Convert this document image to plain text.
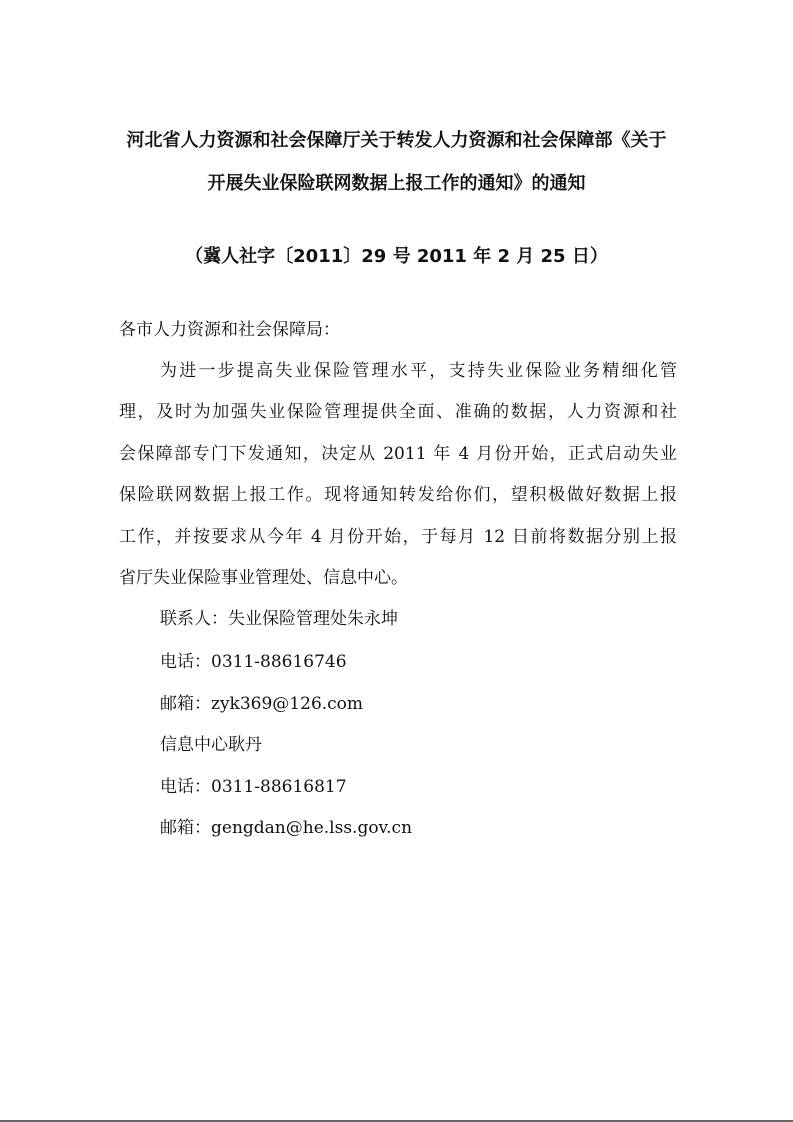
河北省人力资源和社会保障厅关于转发人力资源和社会保障部《关于
开展失业保险联网数据上报工作的通知》的通知
（冀人社字〔2011〕29 号 2011 年 2 月 25 日）
各市人力资源和社会保障局：
为进一步提高失业保险管理水平，支持失业保险业务精细化管
理，及时为加强失业保险管理提供全面、准确的数据，人力资源和社
会保障部专门下发通知，决定从 2011 年 4 月份开始，正式启动失业
保险联网数据上报工作。现将通知转发给你们，望积极做好数据上报
工作，并按要求从今年 4 月份开始，于每月 12 日前将数据分别上报
省厅失业保险事业管理处、信息中心。
联系人：失业保险管理处朱永坤
电话：0311-88616746
邮箱：zyk369@126.com
信息中心耿丹
电话：0311-88616817
邮箱：gengdan@he.lss.gov.cn
